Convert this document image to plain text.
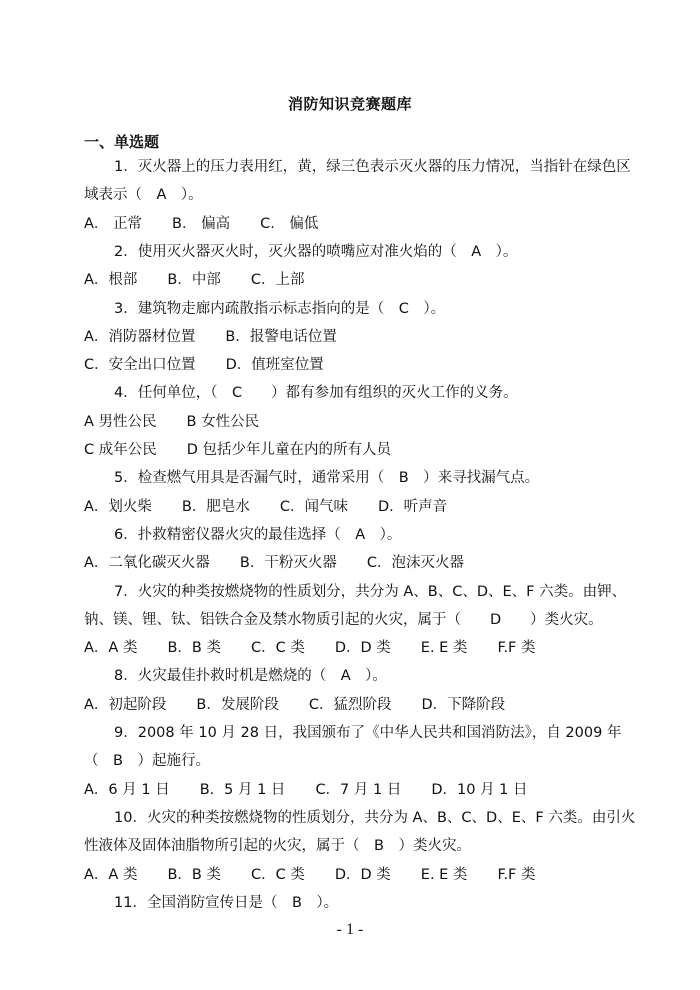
消防知识竞赛题库
一、单选题
1．灭火器上的压力表用红，黄，绿三色表示灭火器的压力情况，当指针在绿色区
域表示（　A　）。
A． 正常 B． 偏高 C． 偏低
2．使用灭火器灭火时，灭火器的喷嘴应对准火焰的（　A　）。
A．根部 B．中部 C．上部
3．建筑物走廊内疏散指示标志指向的是（　C　）。
A．消防器材位置 B．报警电话位置
C．安全出口位置 D．值班室位置
4．任何单位，（　C　　）都有参加有组织的灭火工作的义务。
A 男性公民 B 女性公民
C 成年公民 D 包括少年儿童在内的所有人员
5．检查燃气用具是否漏气时，通常采用（　B　）来寻找漏气点。
A．划火柴 B．肥皂水 C．闻气味 D．听声音
6．扑救精密仪器火灾的最佳选择（　A　）。
A．二氧化碳灭火器 B．干粉灭火器 C．泡沫灭火器
7．火灾的种类按燃烧物的性质划分，共分为 A、B、C、D、E、F 六类。由钾、
钠、镁、锂、钛、铝铁合金及禁水物质引起的火灾，属于（　　D　　）类火灾。
A．A 类 B．B 类 C．C 类 D．D 类 E. E 类 F.F 类
8．火灾最佳扑救时机是燃烧的（　A　）。
A．初起阶段 B．发展阶段 C．猛烈阶段 D．下降阶段
9．2008 年 10 月 28 日，我国颁布了《中华人民共和国消防法》，自 2009 年
（　B　）起施行。
A．6 月 1 日 B．5 月 1 日 C．7 月 1 日 D．10 月 1 日
10．火灾的种类按燃烧物的性质划分，共分为 A、B、C、D、E、F 六类。由引火
性液体及固体油脂物所引起的火灾，属于（　B　）类火灾。
A．A 类 B．B 类 C．C 类 D．D 类 E. E 类 F.F 类
11．全国消防宣传日是（　B　）。
- 1 -
